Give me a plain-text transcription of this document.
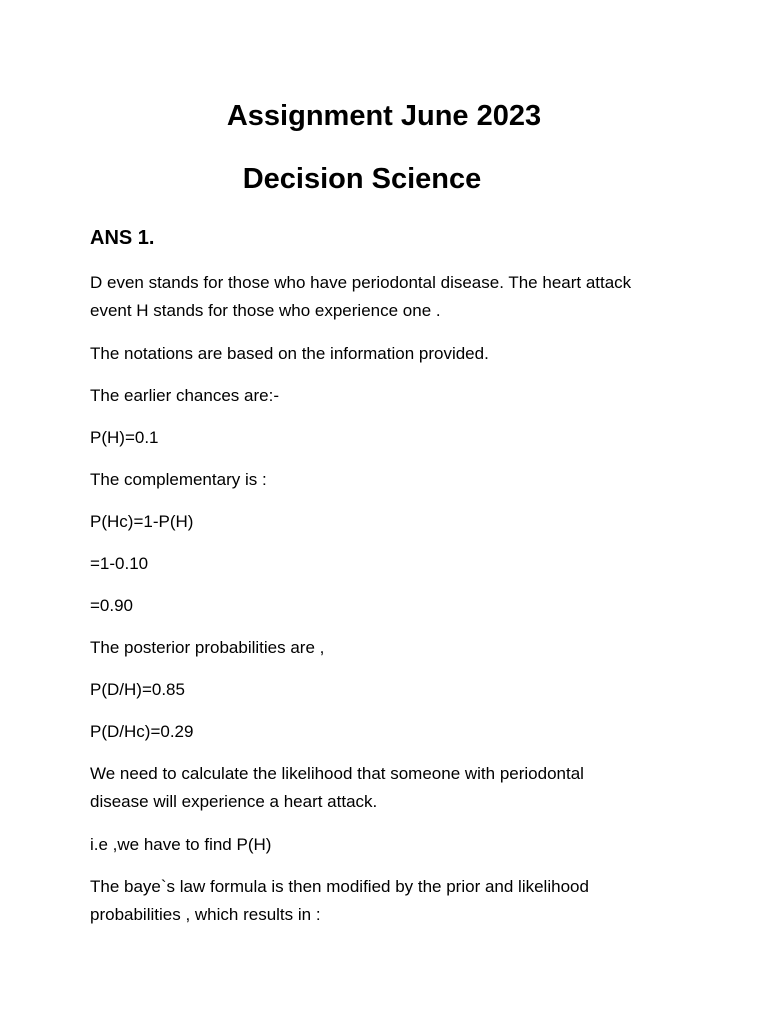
Assignment June 2023
Decision Science
ANS 1.
D even stands for those who have periodontal disease. The heart attack
event H stands for those who experience one .
The notations are based on the information provided.
The earlier chances are:-
P(H)=0.1
The complementary is :
P(Hc)=1-P(H)
=1-0.10
=0.90
The posterior probabilities are ,
P(D/H)=0.85
P(D/Hc)=0.29
We need to calculate the likelihood that someone with periodontal
disease will experience a heart attack.
i.e ,we have to find P(H)
The baye`s law formula is then modified by the prior and likelihood
probabilities , which results in :
